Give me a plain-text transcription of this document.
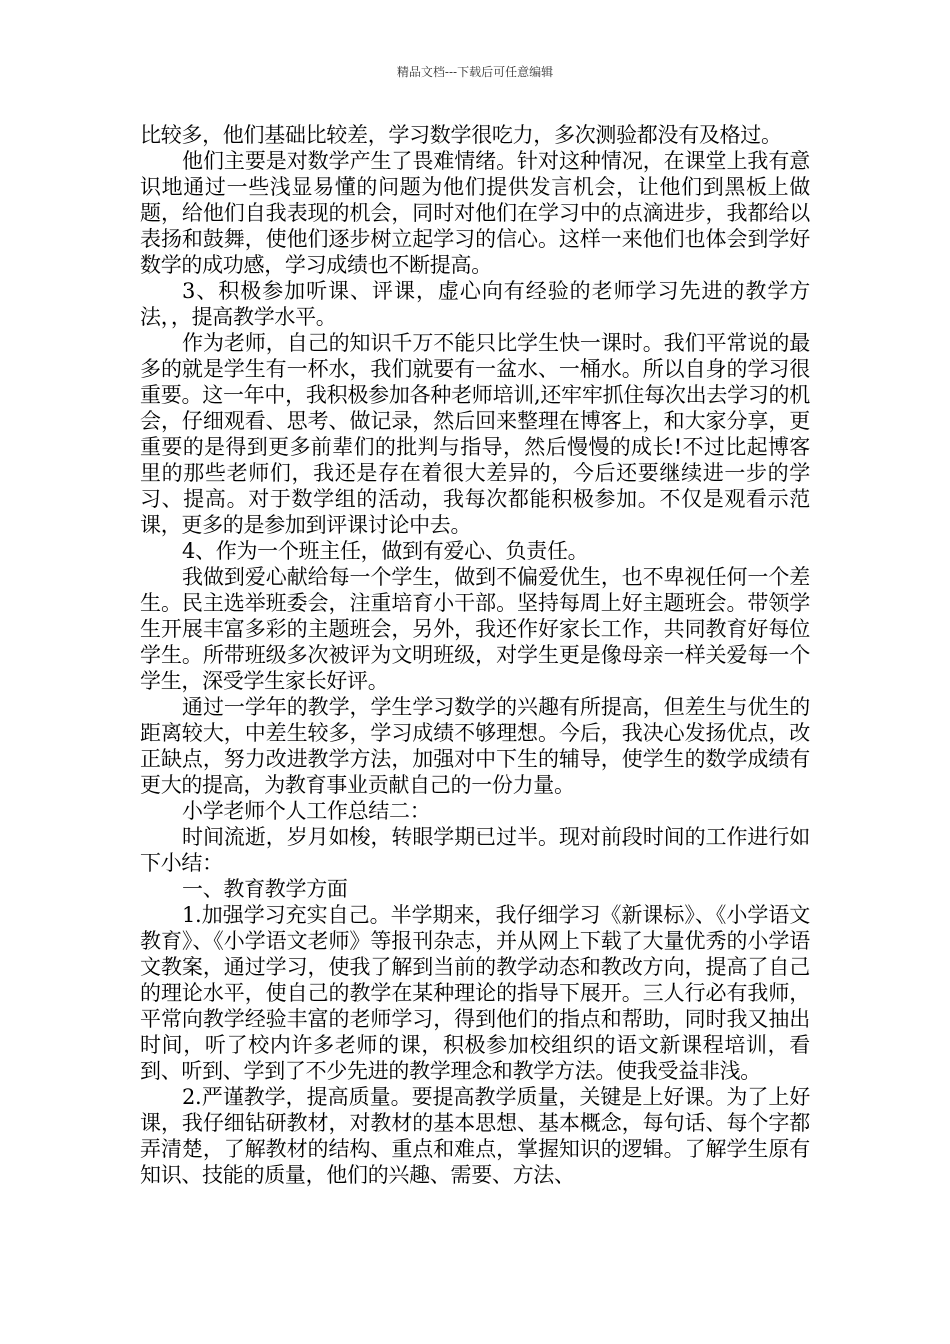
精品文档---下载后可任意编辑

比较多，他们基础比较差，学习数学很吃力，多次测验都没有及格过。

他们主要是对数学产生了畏难情绪。针对这种情况，在课堂上我有意识地通过一些浅显易懂的问题为他们提供发言机会，让他们到黑板上做题，给他们自我表现的机会，同时对他们在学习中的点滴进步，我都给以表扬和鼓舞，使他们逐步树立起学习的信心。这样一来他们也体会到学好数学的成功感，学习成绩也不断提高。

3、积极参加听课、评课，虚心向有经验的老师学习先进的教学方法，，提高教学水平。

作为老师，自己的知识千万不能只比学生快一课时。我们平常说的最多的就是学生有一杯水，我们就要有一盆水、一桶水。所以自身的学习很重要。这一年中，我积极参加各种老师培训,还牢牢抓住每次出去学习的机会，仔细观看、思考、做记录，然后回来整理在博客上，和大家分享，更重要的是得到更多前辈们的批判与指导，然后慢慢的成长!不过比起博客里的那些老师们，我还是存在着很大差异的，今后还要继续进一步的学习、提高。对于数学组的活动，我每次都能积极参加。不仅是观看示范课，更多的是参加到评课讨论中去。

4、作为一个班主任，做到有爱心、负责任。

我做到爱心献给每一个学生，做到不偏爱优生，也不卑视任何一个差生。民主选举班委会，注重培育小干部。坚持每周上好主题班会。带领学生开展丰富多彩的主题班会，另外，我还作好家长工作，共同教育好每位学生。所带班级多次被评为文明班级，对学生更是像母亲一样关爱每一个学生，深受学生家长好评。

通过一学年的教学，学生学习数学的兴趣有所提高，但差生与优生的距离较大，中差生较多，学习成绩不够理想。今后，我决心发扬优点，改正缺点，努力改进教学方法，加强对中下生的辅导，使学生的数学成绩有更大的提高，为教育事业贡献自己的一份力量。

小学老师个人工作总结二：

时间流逝，岁月如梭，转眼学期已过半。现对前段时间的工作进行如下小结：

一、教育教学方面

1.加强学习充实自己。半学期来，我仔细学习《新课标》、《小学语文教育》、《小学语文老师》等报刊杂志，并从网上下载了大量优秀的小学语文教案，通过学习，使我了解到当前的教学动态和教改方向，提高了自己的理论水平，使自己的教学在某种理论的指导下展开。三人行必有我师，平常向教学经验丰富的老师学习，得到他们的指点和帮助，同时我又抽出时间，听了校内许多老师的课，积极参加校组织的语文新课程培训，看到、听到、学到了不少先进的教学理念和教学方法。使我受益非浅。

2.严谨教学，提高质量。要提高教学质量，关键是上好课。为了上好课，我仔细钻研教材，对教材的基本思想、基本概念，每句话、每个字都弄清楚，了解教材的结构、重点和难点，掌握知识的逻辑。了解学生原有知识、技能的质量，他们的兴趣、需要、方法、
